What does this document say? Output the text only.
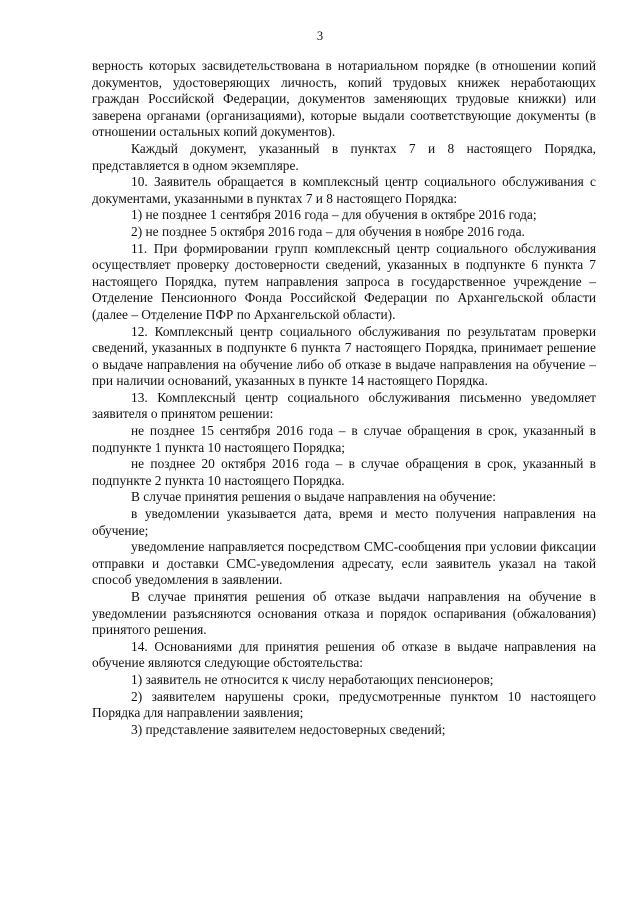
3

верность которых засвидетельствована в нотариальном порядке (в отношении копий документов, удостоверяющих личность, копий трудовых книжек неработающих граждан Российской Федерации, документов заменяющих трудовые книжки) или заверена органами (организациями), которые выдали соответствующие документы (в отношении остальных копий документов).

Каждый документ, указанный в пунктах 7 и 8 настоящего Порядка, представляется в одном экземпляре.

10. Заявитель обращается в комплексный центр социального обслуживания с документами, указанными в пунктах 7 и 8 настоящего Порядка:

1) не позднее 1 сентября 2016 года – для обучения в октябре 2016 года;

2) не позднее 5 октября 2016 года – для обучения в ноябре 2016 года.

11. При формировании групп комплексный центр социального обслуживания осуществляет проверку достоверности сведений, указанных в подпункте 6 пункта 7 настоящего Порядка, путем направления запроса в государственное учреждение – Отделение Пенсионного Фонда Российской Федерации по Архангельской области (далее – Отделение ПФР по Архангельской области).

12. Комплексный центр социального обслуживания по результатам проверки сведений, указанных в подпункте 6 пункта 7 настоящего Порядка, принимает решение о выдаче направления на обучение либо об отказе в выдаче направления на обучение – при наличии оснований, указанных в пункте 14 настоящего Порядка.

13. Комплексный центр социального обслуживания письменно уведомляет заявителя о принятом решении:

не позднее 15 сентября 2016 года – в случае обращения в срок, указанный в подпункте 1 пункта 10 настоящего Порядка;

не позднее 20 октября 2016 года – в случае обращения в срок, указанный в подпункте 2 пункта 10 настоящего Порядка.

В случае принятия решения о выдаче направления на обучение:

в уведомлении указывается дата, время и место получения направления на обучение;

уведомление направляется посредством СМС-сообщения при условии фиксации отправки и доставки СМС-уведомления адресату, если заявитель указал на такой способ уведомления в заявлении.

В случае принятия решения об отказе выдачи направления на обучение в уведомлении разъясняются основания отказа и порядок оспаривания (обжалования) принятого решения.

14. Основаниями для принятия решения об отказе в выдаче направления на обучение являются следующие обстоятельства:

1) заявитель не относится к числу неработающих пенсионеров;

2) заявителем нарушены сроки, предусмотренные пунктом 10 настоящего Порядка для направлении заявления;

3) представление заявителем недостоверных сведений;
